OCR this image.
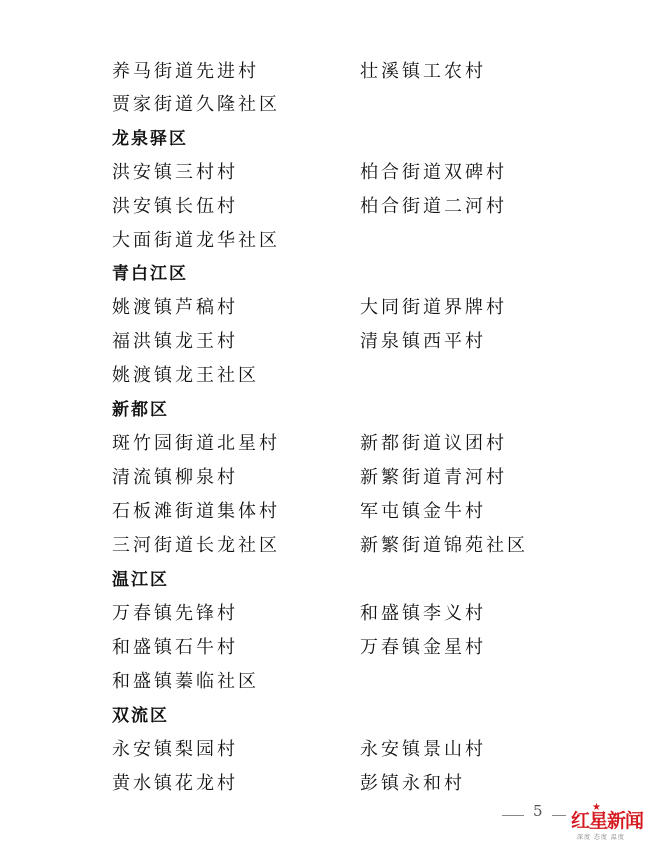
养马街道先进村	壮溪镇工农村
贾家街道久隆社区
龙泉驿区
洪安镇三村村	柏合街道双碑村
洪安镇长伍村	柏合街道二河村
大面街道龙华社区
青白江区
姚渡镇芦稿村	大同街道界牌村
福洪镇龙王村	清泉镇西平村
姚渡镇龙王社区
新都区
斑竹园街道北星村	新都街道议团村
清流镇柳泉村	新繁街道青河村
石板滩街道集体村	军屯镇金牛村
三河街道长龙社区	新繁街道锦苑社区
温江区
万春镇先锋村	和盛镇李义村
和盛镇石牛村	万春镇金星村
和盛镇蓁临社区
双流区
永安镇梨园村	永安镇景山村
黄水镇花龙村	彭镇永和村
5	★
红星新闻
深度 态度 温度
